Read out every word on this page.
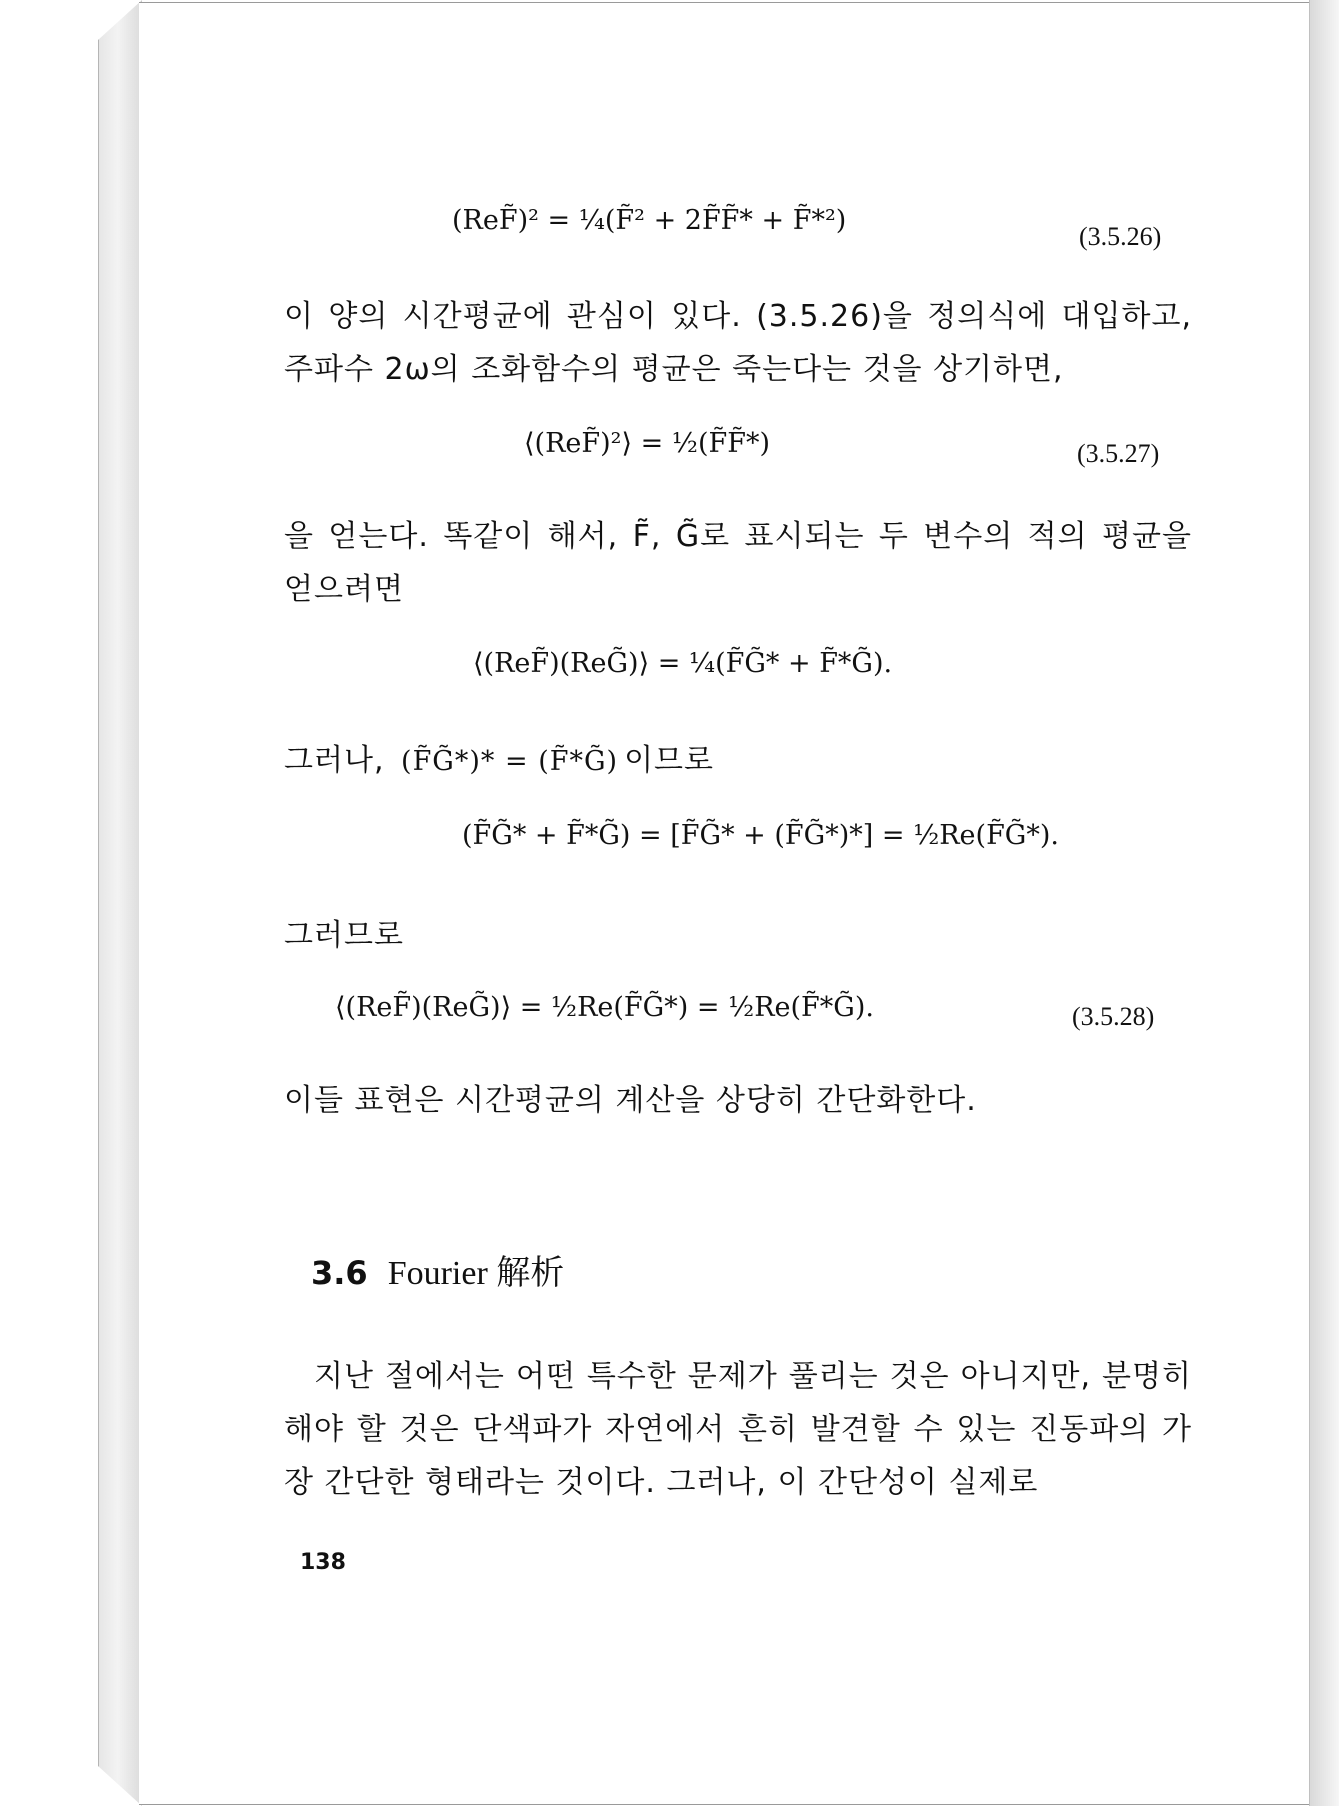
(ReF̃)² = ¼(F̃² + 2F̃F̃* + F̃*²)
(3.5.26)
이 양의 시간평균에 관심이 있다. (3.5.26)을 정의식에 대입하고, 주파수 2ω의 조화함수의 평균은 죽는다는 것을 상기하면,
⟨(ReF̃)²⟩ = ½(F̃F̃*)	(3.5.27)
을 얻는다. 똑같이 해서, F̃, G̃로 표시되는 두 변수의 적의 평균을 얻으려면
⟨(ReF̃)(ReG̃)⟩ = ¼(F̃G̃* + F̃*G̃).
그러나, (F̃G̃*)* = (F̃*G̃) 이므로
(F̃G̃* + F̃*G̃) = [F̃G̃* + (F̃G̃*)*] = ½Re(F̃G̃*).
그러므로
⟨(ReF̃)(ReG̃)⟩ = ½Re(F̃G̃*) = ½Re(F̃*G̃).	(3.5.28)
이들 표현은 시간평균의 계산을 상당히 간단화한다.
3.6 Fourier 解析
지난 절에서는 어떤 특수한 문제가 풀리는 것은 아니지만, 분명히 해야 할 것은 단색파가 자연에서 흔히 발견할 수 있는 진동파의 가장 간단한 형태라는 것이다. 그러나, 이 간단성이 실제로
138
